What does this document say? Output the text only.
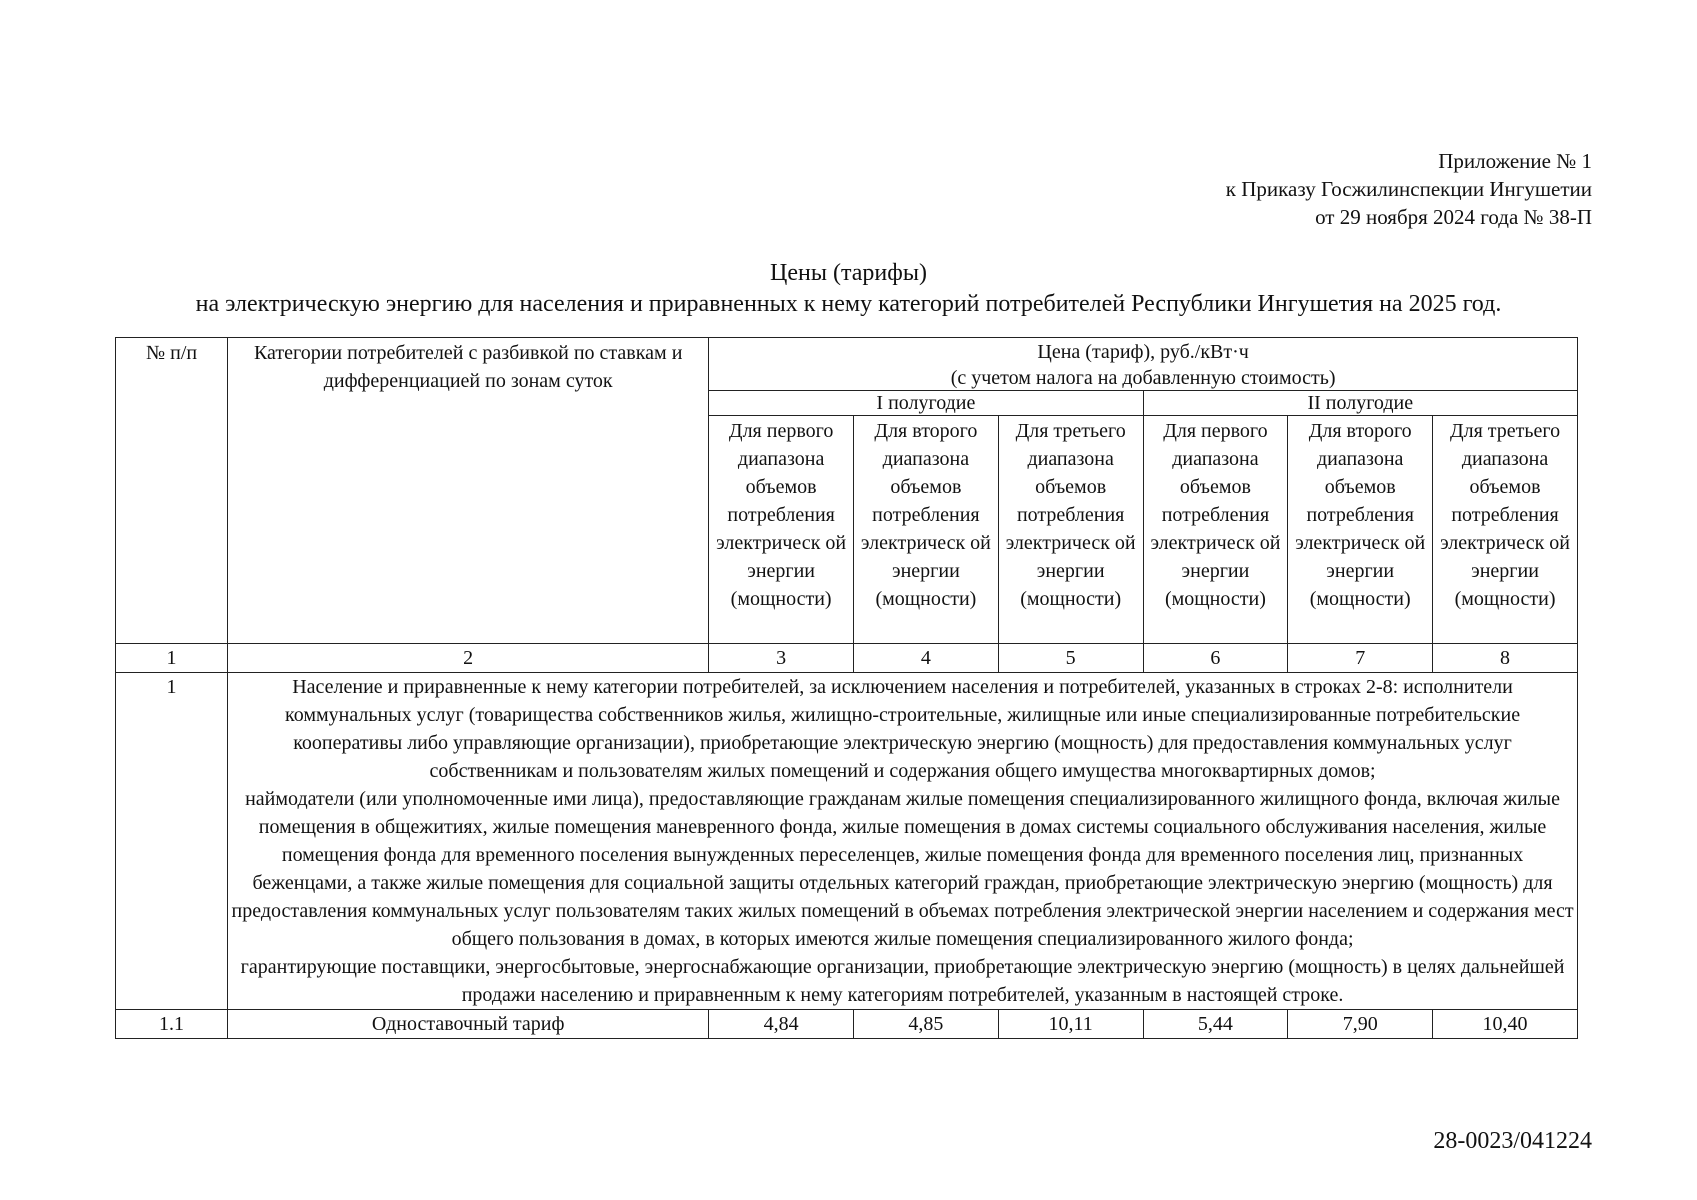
Приложение № 1
к Приказу Госжилинспекции Ингушетии
от 29 ноября 2024 года № 38-П
Цены (тарифы)
на электрическую энергию для населения и приравненных к нему категорий потребителей Республики Ингушетия на 2025 год.
№ п/п	Категории потребителей с разбивкой по ставкам и дифференциацией по зонам суток	Цена (тариф), руб./кВт·ч
(с учетом налога на добавленную стоимость)					

		I полугодие			II полугодие		
		Для первого диапазона объемов потребления электрическ ой энергии (мощности)	Для второго диапазона объемов потребления электрическ ой энергии (мощности)	Для третьего диапазона объемов потребления электрическ ой энергии (мощности)	Для первого диапазона объемов потребления электрическ ой энергии (мощности)	Для второго диапазона объемов потребления электрическ ой энергии (мощности)	Для третьего диапазона объемов потребления электрическ ой энергии (мощности)
1	2	3	4	5	6	7	8
1	Население и приравненные к нему категории потребителей, за исключением населения и потребителей, указанных в строках 2-8: исполнители коммунальных услуг (товарищества собственников жилья, жилищно-строительные, жилищные или иные специализированные потребительские кооперативы либо управляющие организации), приобретающие электрическую энергию (мощность) для предоставления коммунальных услуг собственникам и пользователям жилых помещений и содержания общего имущества многоквартирных домов;

наймодатели (или уполномоченные ими лица), предоставляющие гражданам жилые помещения специализированного жилищного фонда, включая жилые помещения в общежитиях, жилые помещения маневренного фонда, жилые помещения в домах системы социального обслуживания населения, жилые помещения фонда для временного поселения вынужденных переселенцев, жилые помещения фонда для временного поселения лиц, признанных беженцами, а также жилые помещения для социальной защиты отдельных категорий граждан, приобретающие электрическую энергию (мощность) для предоставления коммунальных услуг пользователям таких жилых помещений в объемах потребления электрической энергии населением и содержания мест общего пользования в домах, в которых имеются жилые помещения специализированного жилого фонда;

гарантирующие поставщики, энергосбытовые, энергоснабжающие организации, приобретающие электрическую энергию (мощность) в целях дальнейшей продажи населению и приравненным к нему категориям потребителей, указанным в настоящей строке.						

1.1	Одноставочный тариф	4,84	4,85	10,11	5,44	7,90	10,40
28-0023/041224
